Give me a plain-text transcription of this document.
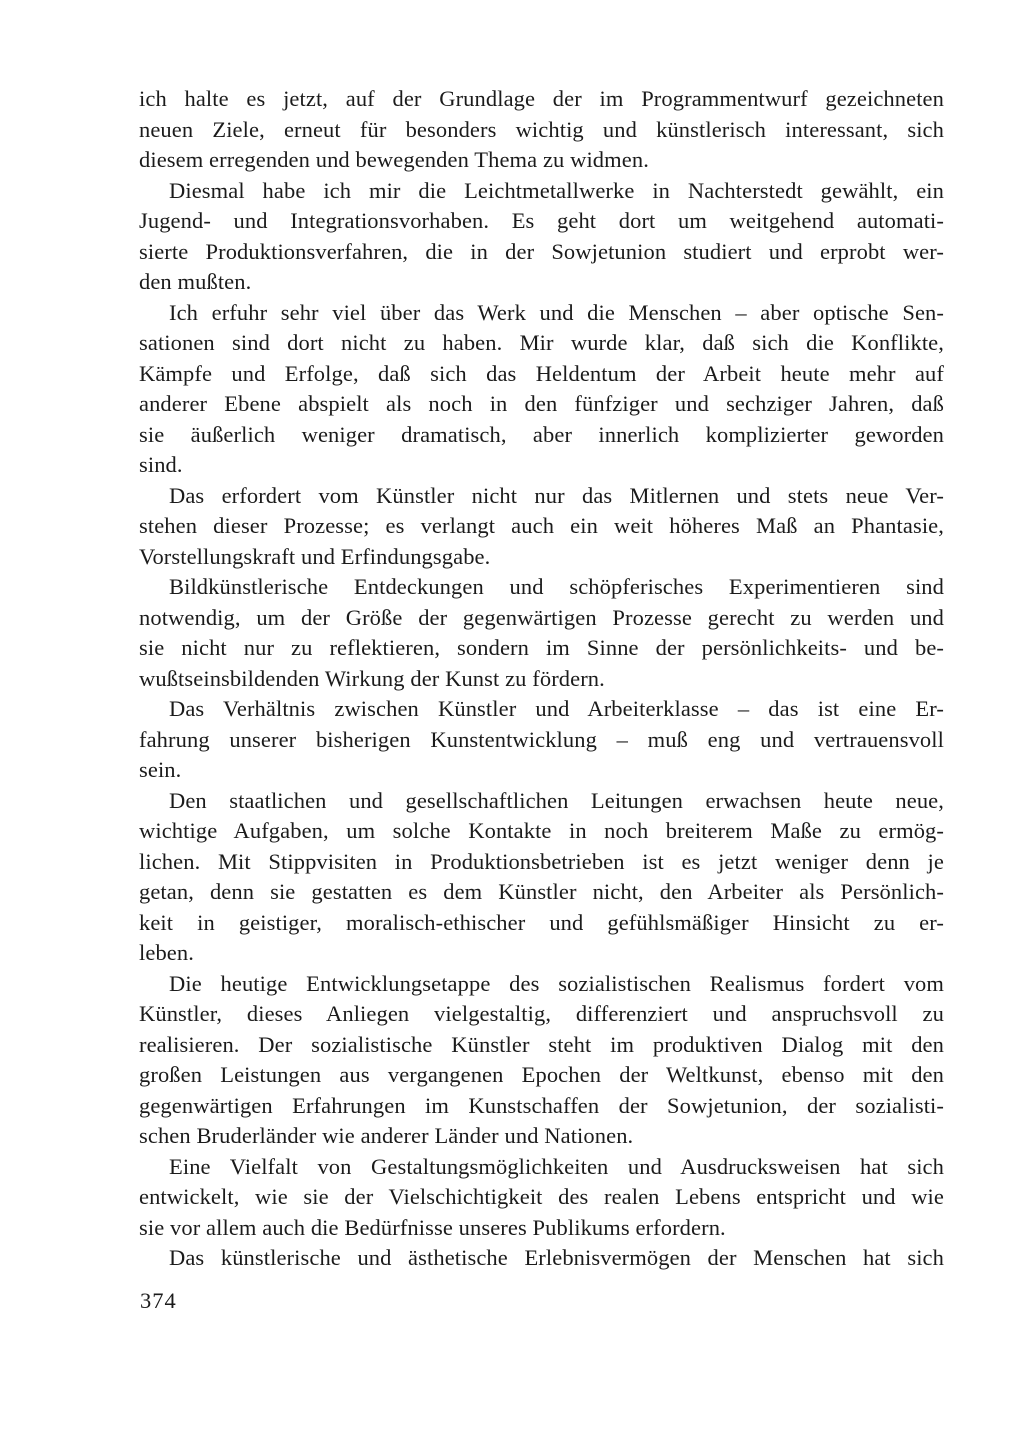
ich halte es jetzt, auf der Grundlage der im Programmentwurf gezeichneten
neuen Ziele, erneut für besonders wichtig und künstlerisch interessant, sich
diesem erregenden und bewegenden Thema zu widmen.
Diesmal habe ich mir die Leichtmetallwerke in Nachterstedt gewählt, ein
Jugend- und Integrationsvorhaben. Es geht dort um weitgehend automati-
sierte Produktionsverfahren, die in der Sowjetunion studiert und erprobt wer-
den mußten.
Ich erfuhr sehr viel über das Werk und die Menschen – aber optische Sen-
sationen sind dort nicht zu haben. Mir wurde klar, daß sich die Konflikte,
Kämpfe und Erfolge, daß sich das Heldentum der Arbeit heute mehr auf
anderer Ebene abspielt als noch in den fünfziger und sechziger Jahren, daß
sie äußerlich weniger dramatisch, aber innerlich komplizierter geworden
sind.
Das erfordert vom Künstler nicht nur das Mitlernen und stets neue Ver-
stehen dieser Prozesse; es verlangt auch ein weit höheres Maß an Phantasie,
Vorstellungskraft und Erfindungsgabe.
Bildkünstlerische Entdeckungen und schöpferisches Experimentieren sind
notwendig, um der Größe der gegenwärtigen Prozesse gerecht zu werden und
sie nicht nur zu reflektieren, sondern im Sinne der persönlichkeits- und be-
wußtseinsbildenden Wirkung der Kunst zu fördern.
Das Verhältnis zwischen Künstler und Arbeiterklasse – das ist eine Er-
fahrung unserer bisherigen Kunstentwicklung – muß eng und vertrauensvoll
sein.
Den staatlichen und gesellschaftlichen Leitungen erwachsen heute neue,
wichtige Aufgaben, um solche Kontakte in noch breiterem Maße zu ermög-
lichen. Mit Stippvisiten in Produktionsbetrieben ist es jetzt weniger denn je
getan, denn sie gestatten es dem Künstler nicht, den Arbeiter als Persönlich-
keit in geistiger, moralisch-ethischer und gefühlsmäßiger Hinsicht zu er-
leben.
Die heutige Entwicklungsetappe des sozialistischen Realismus fordert vom
Künstler, dieses Anliegen vielgestaltig, differenziert und anspruchsvoll zu
realisieren. Der sozialistische Künstler steht im produktiven Dialog mit den
großen Leistungen aus vergangenen Epochen der Weltkunst, ebenso mit den
gegenwärtigen Erfahrungen im Kunstschaffen der Sowjetunion, der sozialisti-
schen Bruderländer wie anderer Länder und Nationen.
Eine Vielfalt von Gestaltungsmöglichkeiten und Ausdrucksweisen hat sich
entwickelt, wie sie der Vielschichtigkeit des realen Lebens entspricht und wie
sie vor allem auch die Bedürfnisse unseres Publikums erfordern.
Das künstlerische und ästhetische Erlebnisvermögen der Menschen hat sich
374
